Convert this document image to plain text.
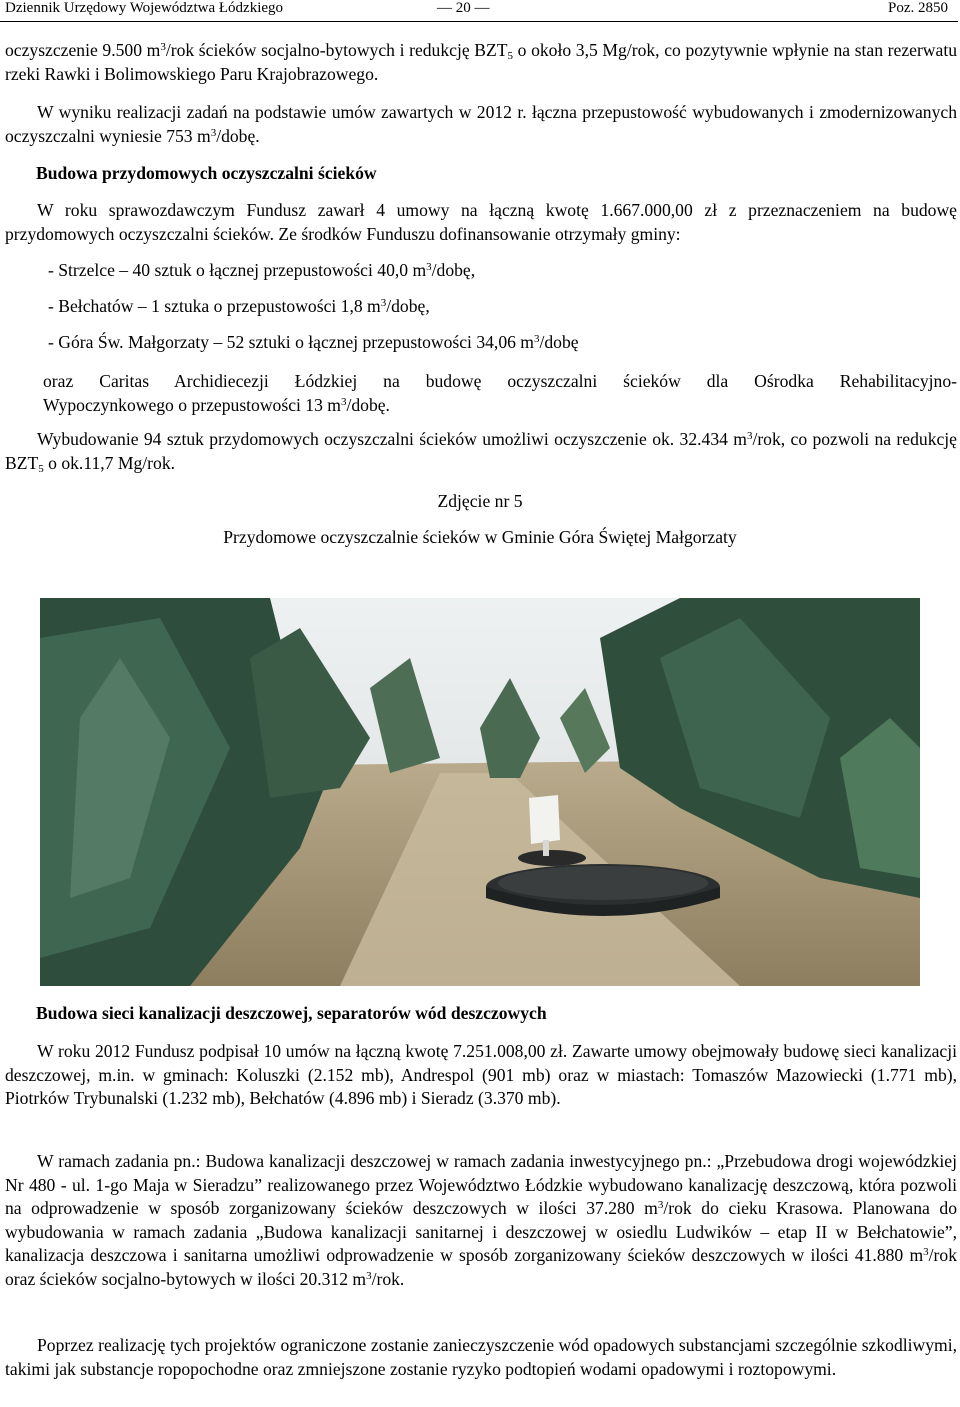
Dziennik Urzędowy Województwa Łódzkiego	— 20 —	Poz. 2850

oczyszczenie 9.500 $m^3$/rok ścieków socjalno-bytowych i redukcję $BZT_5$ o około 3,5 Mg/rok, co pozytywnie wpłynie na stan rezerwatu rzeki Rawki i Bolimowskiego Paru Krajobrazowego.

W wyniku realizacji zadań na podstawie umów zawartych w 2012 r. łączna przepustowość wybudowanych i zmodernizowanych oczyszczalni wyniesie 753 $m^3$/dobę.

Budowa przydomowych oczyszczalni ścieków

W roku sprawozdawczym Fundusz zawarł 4 umowy na łączną kwotę 1.667.000,00 zł z przeznaczeniem na budowę przydomowych oczyszczalni ścieków. Ze środków Funduszu dofinansowanie otrzymały gminy:

- Strzelce – 40 sztuk o łącznej przepustowości 40,0 $m^3$/dobę,

- Bełchatów – 1 sztuka o przepustowości 1,8 $m^3$/dobę,

- Góra Św. Małgorzaty – 52 sztuki o łącznej przepustowości 34,06 $m^3$/dobę

oraz Caritas Archidiecezji Łódzkiej na budowę oczyszczalni ścieków dla Ośrodka Rehabilitacyjno-
Wypoczynkowego o przepustowości 13 $m^3$/dobę.

Wybudowanie 94 sztuk przydomowych oczyszczalni ścieków umożliwi oczyszczenie ok. 32.434 $m^3$/rok, co pozwoli na redukcję $BZT_5$ o ok.11,7 Mg/rok.

Zdjęcie nr 5

Przydomowe oczyszczalnie ścieków w Gminie Góra Świętej Małgorzaty

Budowa sieci kanalizacji deszczowej, separatorów wód deszczowych

W roku 2012 Fundusz podpisał 10 umów na łączną kwotę 7.251.008,00 zł. Zawarte umowy obejmowały budowę sieci kanalizacji deszczowej, m.in. w gminach: Koluszki (2.152 mb), Andrespol (901 mb) oraz w miastach: Tomaszów Mazowiecki (1.771 mb), Piotrków Trybunalski (1.232 mb), Bełchatów (4.896 mb) i Sieradz (3.370 mb).

W ramach zadania pn.: Budowa kanalizacji deszczowej w ramach zadania inwestycyjnego pn.: „Przebudowa drogi wojewódzkiej Nr 480 - ul. 1-go Maja w Sieradzu” realizowanego przez Województwo Łódzkie wybudowano kanalizację deszczową, która pozwoli na odprowadzenie w sposób zorganizowany ścieków deszczowych w ilości 37.280 $m^3$/rok do cieku Krasowa. Planowana do wybudowania w ramach zadania „Budowa kanalizacji sanitarnej i deszczowej w osiedlu Ludwików – etap II w Bełchatowie”, kanalizacja deszczowa i sanitarna umożliwi odprowadzenie w sposób zorganizowany ścieków deszczowych w ilości 41.880 $m^3$/rok oraz ścieków socjalno-bytowych w ilości 20.312 $m^3$/rok.

Poprzez realizację tych projektów ograniczone zostanie zanieczyszczenie wód opadowych substancjami szczególnie szkodliwymi, takimi jak substancje ropopochodne oraz zmniejszone zostanie ryzyko podtopień wodami opadowymi i roztopowymi.
